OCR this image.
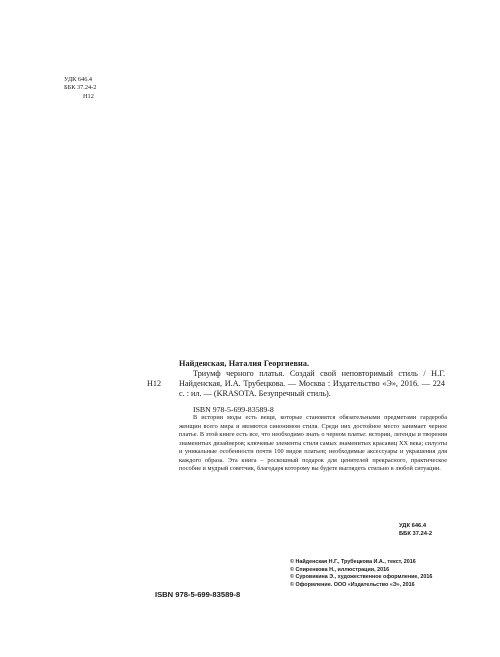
УДК 646.4
ББК 37.24-2
Н12
Н12
Найденская, Наталия Георгиевна.
Триумф черного платья. Создай свой неповторимый стиль / Н.Г. Найденская, И.А. Трубецкова. — Москва : Издательство «Э», 2016. — 224 с. : ил. — (KRASOTA. Безупречный стиль).
ISBN 978-5-699-83589-8
В истории моды есть вещи, которые становятся обязательными предметами гардероба женщин всего мира и являются синонимом стиля. Среди них достойное место занимает черное платье. В этой книге есть все, что необходимо знать о черном платье: истории, легенды и творения знаменитых дизайнеров; ключевые элементы стиля самых знаменитых красавиц XX века; силуэты и уникальные особенности почти 100 видов платьев; необходимые аксессуары и украшения для каждого образа. Эта книга – роскошный подарок для ценителей прекрасного, практическое пособие и мудрый советчик, благодаря которому вы будете выглядеть стильно в любой ситуации.
УДК 646.4
ББК 37.24-2
© Найденская Н.Г., Трубецкова И.А., текст, 2016
© Спиренкова Н., иллюстрации, 2016
© Суровикина Э., художественное оформление, 2016
© Оформление. ООО «Издательство «Э», 2016
ISBN 978-5-699-83589-8
